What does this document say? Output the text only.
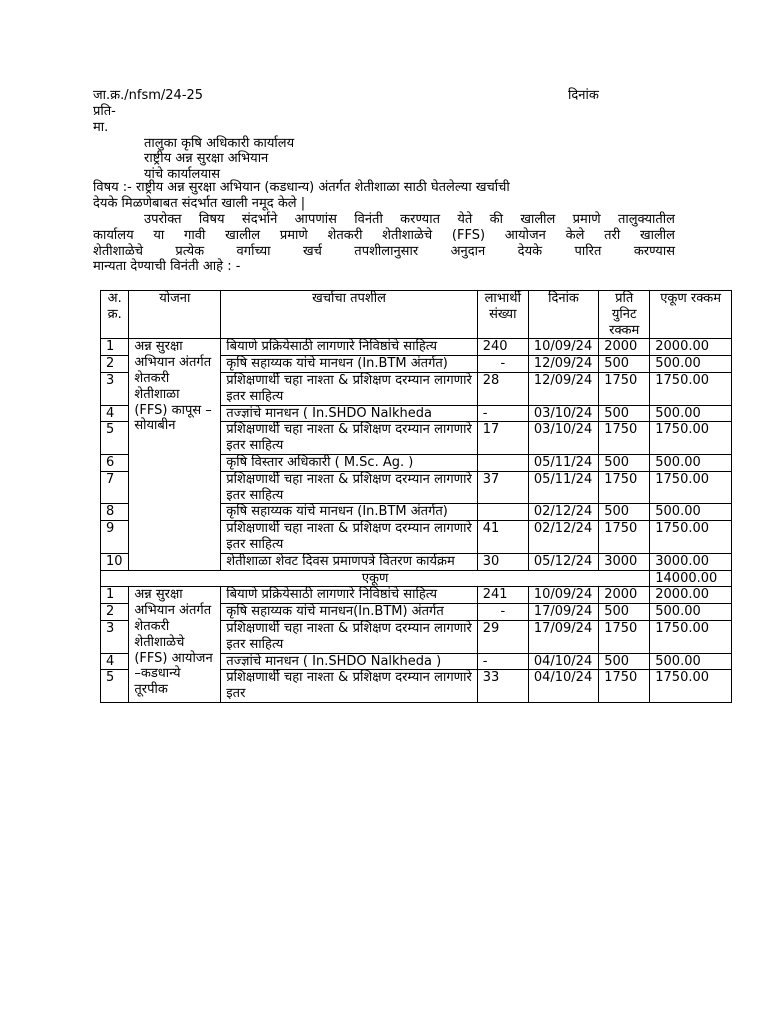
जा.क्र./nfsm/24-25	दिनांक
प्रति-
मा.
तालुका कृषि अधिकारी कार्यालय
राष्ट्रीय अन्न सुरक्षा अभियान
यांचे कार्यालयास
विषय :- राष्ट्रीय अन्न सुरक्षा अभियान (कडधान्य) अंतर्गत शेतीशाळा साठी घेतलेल्या खर्चाची
देयके मिळणेबाबत संदर्भात खाली नमूद केले |
उपरोक्त विषय संदर्भाने आपणांस विनंती करण्यात येते की खालील प्रमाणे तालुक्यातील
कार्यालय या गावी खालील प्रमाणे शेतकरी शेतीशाळेचे (FFS) आयोजन केले तरी खालील
शेतीशाळेचे प्रत्येक वर्गाच्या खर्च तपशीलानुसार अनुदान देयके पारित करण्यास
मान्यता देण्याची विनंती आहे : -
अ. क्र.	योजना	खर्चाचा तपशील	लाभार्थी संख्या	दिनांक	प्रति युनिट रक्कम	एकूण रक्कम
1	अन्न सुरक्षा अभियान अंतर्गत शेतकरी शेतीशाळा (FFS) कापूस – सोयाबीन	बियाणे प्रक्रियेसाठी लागणारे निविष्ठांचे साहित्य	240	10/09/24	2000	2000.00
2		कृषि सहाय्यक यांचे मानधन (In.BTM अंतर्गत)	-	12/09/24	500	500.00
3		प्रशिक्षणार्थी चहा नाश्ता & प्रशिक्षण दरम्यान लागणारे इतर साहित्य	28	12/09/24	1750	1750.00
4		तज्ज्ञांचे मानधन ( In.SHDO Nalkheda	-	03/10/24	500	500.00
5		प्रशिक्षणार्थी चहा नाश्ता & प्रशिक्षण दरम्यान लागणारे इतर साहित्य	17	03/10/24	1750	1750.00
6		कृषि विस्तार अधिकारी ( M.Sc. Ag. )		05/11/24	500	500.00
7		प्रशिक्षणार्थी चहा नाश्ता & प्रशिक्षण दरम्यान लागणारे इतर साहित्य	37	05/11/24	1750	1750.00
8		कृषि सहाय्यक यांचे मानधन (In.BTM अंतर्गत)		02/12/24	500	500.00
9		प्रशिक्षणार्थी चहा नाश्ता & प्रशिक्षण दरम्यान लागणारे इतर साहित्य	41	02/12/24	1750	1750.00
10		शेतीशाळा शेवट दिवस प्रमाणपत्रे वितरण कार्यक्रम	30	05/12/24	3000	3000.00
एकूण						14000.00
1	अन्न सुरक्षा अभियान अंतर्गत शेतकरी शेतीशाळेचे (FFS) आयोजन –कडधान्ये तूरपीक	बियाणे प्रक्रियेसाठी लागणारे निविष्ठांचे साहित्य	241	10/09/24	2000	2000.00
2		कृषि सहाय्यक यांचे मानधन(In.BTM) अंतर्गत	-	17/09/24	500	500.00
3		प्रशिक्षणार्थी चहा नाश्ता & प्रशिक्षण दरम्यान लागणारे इतर साहित्य	29	17/09/24	1750	1750.00
4		तज्ज्ञांचे मानधन ( In.SHDO Nalkheda )	-	04/10/24	500	500.00
5		प्रशिक्षणार्थी चहा नाश्ता & प्रशिक्षण दरम्यान लागणारे इतर	33	04/10/24	1750	1750.00
